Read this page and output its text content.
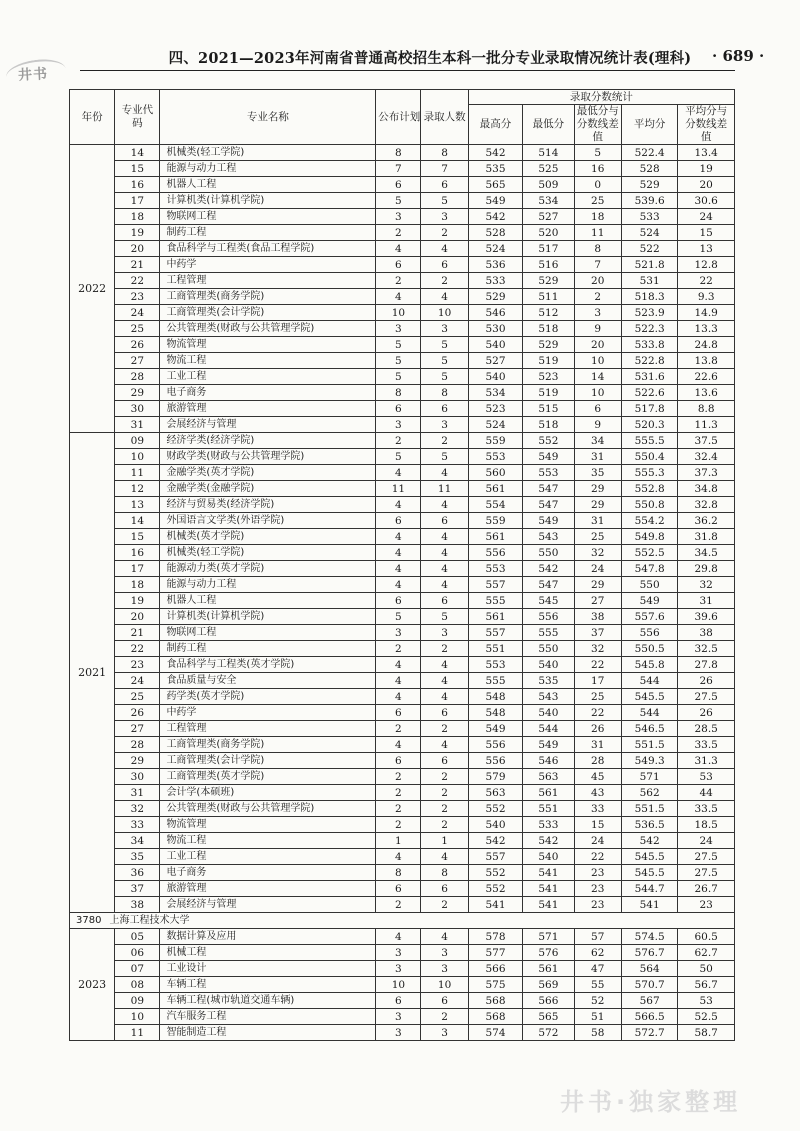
井书
四、2021—2023年河南省普通高校招生本科一批分专业录取情况统计表(理科)	· 689 ·
年份	专业代码	专业名称	公布计划	录取人数	录取分数统计				
					最高分	最低分	最低分与分数线差值	平均分	平均分与分数线差值
2022	14	机械类(轻工学院)	8	8	542	514	5	522.4	13.4
	15	能源与动力工程	7	7	535	525	16	528	19
	16	机器人工程	6	6	565	509	0	529	20
	17	计算机类(计算机学院)	5	5	549	534	25	539.6	30.6
	18	物联网工程	3	3	542	527	18	533	24
	19	制药工程	2	2	528	520	11	524	15
	20	食品科学与工程类(食品工程学院)	4	4	524	517	8	522	13
	21	中药学	6	6	536	516	7	521.8	12.8
	22	工程管理	2	2	533	529	20	531	22
	23	工商管理类(商务学院)	4	4	529	511	2	518.3	9.3
	24	工商管理类(会计学院)	10	10	546	512	3	523.9	14.9
	25	公共管理类(财政与公共管理学院)	3	3	530	518	9	522.3	13.3
	26	物流管理	5	5	540	529	20	533.8	24.8
	27	物流工程	5	5	527	519	10	522.8	13.8
	28	工业工程	5	5	540	523	14	531.6	22.6
	29	电子商务	8	8	534	519	10	522.6	13.6
	30	旅游管理	6	6	523	515	6	517.8	8.8
	31	会展经济与管理	3	3	524	518	9	520.3	11.3
2021	09	经济学类(经济学院)	2	2	559	552	34	555.5	37.5
	10	财政学类(财政与公共管理学院)	5	5	553	549	31	550.4	32.4
	11	金融学类(英才学院)	4	4	560	553	35	555.3	37.3
	12	金融学类(金融学院)	11	11	561	547	29	552.8	34.8
	13	经济与贸易类(经济学院)	4	4	554	547	29	550.8	32.8
	14	外国语言文学类(外语学院)	6	6	559	549	31	554.2	36.2
	15	机械类(英才学院)	4	4	561	543	25	549.8	31.8
	16	机械类(轻工学院)	4	4	556	550	32	552.5	34.5
	17	能源动力类(英才学院)	4	4	553	542	24	547.8	29.8
	18	能源与动力工程	4	4	557	547	29	550	32
	19	机器人工程	6	6	555	545	27	549	31
	20	计算机类(计算机学院)	5	5	561	556	38	557.6	39.6
	21	物联网工程	3	3	557	555	37	556	38
	22	制药工程	2	2	551	550	32	550.5	32.5
	23	食品科学与工程类(英才学院)	4	4	553	540	22	545.8	27.8
	24	食品质量与安全	4	4	555	535	17	544	26
	25	药学类(英才学院)	4	4	548	543	25	545.5	27.5
	26	中药学	6	6	548	540	22	544	26
	27	工程管理	2	2	549	544	26	546.5	28.5
	28	工商管理类(商务学院)	4	4	556	549	31	551.5	33.5
	29	工商管理类(会计学院)	6	6	556	546	28	549.3	31.3
	30	工商管理类(英才学院)	2	2	579	563	45	571	53
	31	会计学(本硕班)	2	2	563	561	43	562	44
	32	公共管理类(财政与公共管理学院)	2	2	552	551	33	551.5	33.5
	33	物流管理	2	2	540	533	15	536.5	18.5
	34	物流工程	1	1	542	542	24	542	24
	35	工业工程	4	4	557	540	22	545.5	27.5
	36	电子商务	8	8	552	541	23	545.5	27.5
	37	旅游管理	6	6	552	541	23	544.7	26.7
	38	会展经济与管理	2	2	541	541	23	541	23
3780 上海工程技术大学									
2023	05	数据计算及应用	4	4	578	571	57	574.5	60.5
	06	机械工程	3	3	577	576	62	576.7	62.7
	07	工业设计	3	3	566	561	47	564	50
	08	车辆工程	10	10	575	569	55	570.7	56.7
	09	车辆工程(城市轨道交通车辆)	6	6	568	566	52	567	53
	10	汽车服务工程	3	2	568	565	51	566.5	52.5
	11	智能制造工程	3	3	574	572	58	572.7	58.7
井书·独家整理
